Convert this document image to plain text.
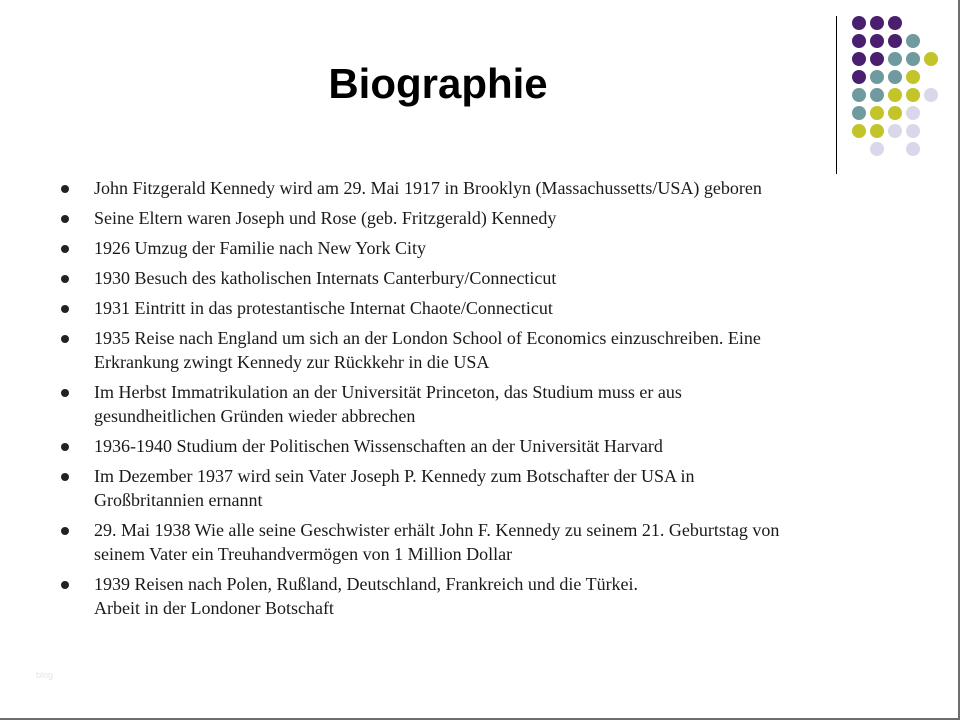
Biographie
John Fitzgerald Kennedy wird am 29. Mai 1917 in Brooklyn (Massachussetts/USA) geboren
Seine Eltern waren Joseph und Rose (geb. Fritzgerald) Kennedy
1926 Umzug der Familie nach New York City
1930 Besuch des katholischen Internats Canterbury/Connecticut
1931 Eintritt in das protestantische Internat Chaote/Connecticut
1935 Reise nach England um sich an der London School of Economics einzuschreiben. Eine
Erkrankung zwingt Kennedy zur Rückkehr in die USA
Im Herbst Immatrikulation an der Universität Princeton, das Studium muss er aus
gesundheitlichen Gründen wieder abbrechen
1936-1940 Studium der Politischen Wissenschaften an der Universität Harvard
Im Dezember 1937 wird sein Vater Joseph P. Kennedy zum Botschafter der USA in
Großbritannien ernannt
29. Mai 1938 Wie alle seine Geschwister erhält John F. Kennedy zu seinem 21. Geburtstag von
seinem Vater ein Treuhandvermögen von 1 Million Dollar
1939 Reisen nach Polen, Rußland, Deutschland, Frankreich und die Türkei.
Arbeit in der Londoner Botschaft
blog
